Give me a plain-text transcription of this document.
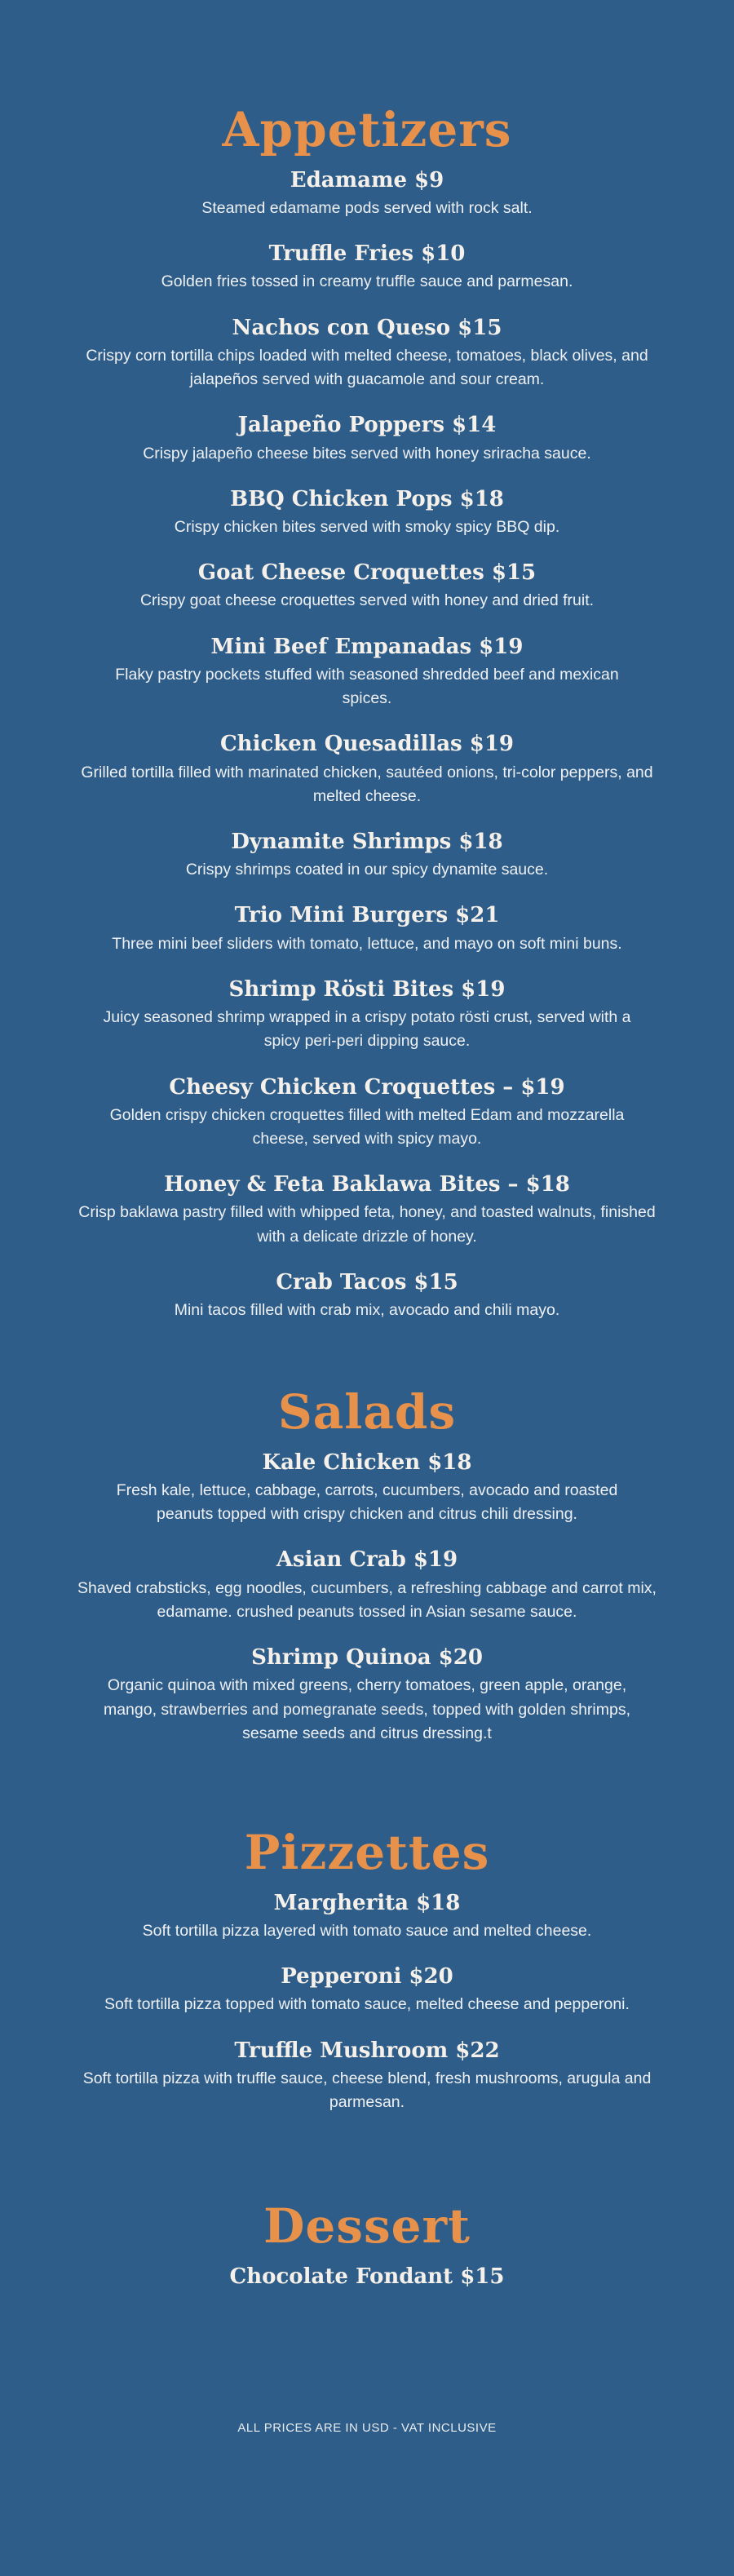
Appetizers
Edamame $9
Steamed edamame pods served with rock salt.
Truffle Fries $10
Golden fries tossed in creamy truffle sauce and parmesan.
Nachos con Queso $15
Crispy corn tortilla chips loaded with melted cheese, tomatoes, black olives, and jalapeños served with guacamole and sour cream.
Jalapeño Poppers $14
Crispy jalapeño cheese bites served with honey sriracha sauce.
BBQ Chicken Pops $18
Crispy chicken bites served with smoky spicy BBQ dip.
Goat Cheese Croquettes $15
Crispy goat cheese croquettes served with honey and dried fruit.
Mini Beef Empanadas $19
Flaky pastry pockets stuffed with seasoned shredded beef and mexican spices.
Chicken Quesadillas $19
Grilled tortilla filled with marinated chicken, sautéed onions, tri-color peppers, and melted cheese.
Dynamite Shrimps $18
Crispy shrimps coated in our spicy dynamite sauce.
Trio Mini Burgers $21
Three mini beef sliders with tomato, lettuce, and mayo on soft mini buns.
Shrimp Rösti Bites $19
Juicy seasoned shrimp wrapped in a crispy potato rösti crust, served with a spicy peri-peri dipping sauce.
Cheesy Chicken Croquettes – $19
Golden crispy chicken croquettes filled with melted Edam and mozzarella cheese, served with spicy mayo.
Honey & Feta Baklawa Bites – $18
Crisp baklawa pastry filled with whipped feta, honey, and toasted walnuts, finished with a delicate drizzle of honey.
Crab Tacos $15
Mini tacos filled with crab mix, avocado and chili mayo.
Salads
Kale Chicken $18
Fresh kale, lettuce, cabbage, carrots, cucumbers, avocado and roasted peanuts topped with crispy chicken and citrus chili dressing.
Asian Crab $19
Shaved crabsticks, egg noodles, cucumbers, a refreshing cabbage and carrot mix, edamame. crushed peanuts tossed in Asian sesame sauce.
Shrimp Quinoa $20
Organic quinoa with mixed greens, cherry tomatoes, green apple, orange, mango, strawberries and pomegranate seeds, topped with golden shrimps, sesame seeds and citrus dressing.t
Pizzettes
Margherita $18
Soft tortilla pizza layered with tomato sauce and melted cheese.
Pepperoni $20
Soft tortilla pizza topped with tomato sauce, melted cheese and pepperoni.
Truffle Mushroom $22
Soft tortilla pizza with truffle sauce, cheese blend, fresh mushrooms, arugula and parmesan.
Dessert
Chocolate Fondant $15
ALL PRICES ARE IN USD - VAT INCLUSIVE
